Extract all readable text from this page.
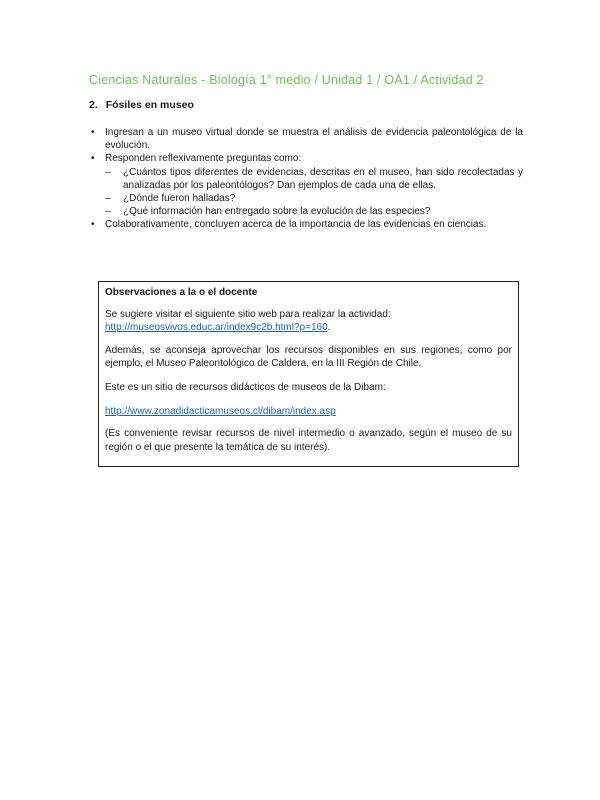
Ciencias Naturales - Biología 1° medio / Unidad 1 / OA1 / Actividad 2
2. Fósiles en museo
• Ingresan a un museo virtual donde se muestra el análisis de evidencia paleontológica de la evolución.
• Responden reflexivamente preguntas como:
– ¿Cuántos tipos diferentes de evidencias, descritas en el museo, han sido recolectadas y analizadas por los paleontólogos? Dan ejemplos de cada una de ellas.
– ¿Dónde fueron halladas?
– ¿Qué información han entregado sobre la evolución de las especies?
• Colaborativamente, concluyen acerca de la importancia de las evidencias en ciencias.
Observaciones a la o el docente

Se sugiere visitar el siguiente sitio web para realizar la actividad:
http://museosvivos.educ.ar/index9c2b.html?p=160.

Además, se aconseja aprovechar los recursos disponibles en sus regiones, como por ejemplo, el Museo Paleontológico de Caldera, en la III Región de Chile.

Este es un sitio de recursos didácticos de museos de la Dibam:

http://www.zonadidacticamuseos.cl/dibam/index.asp

(Es conveniente revisar recursos de nivel intermedio o avanzado, según el museo de su región o el que presente la temática de su interés).
